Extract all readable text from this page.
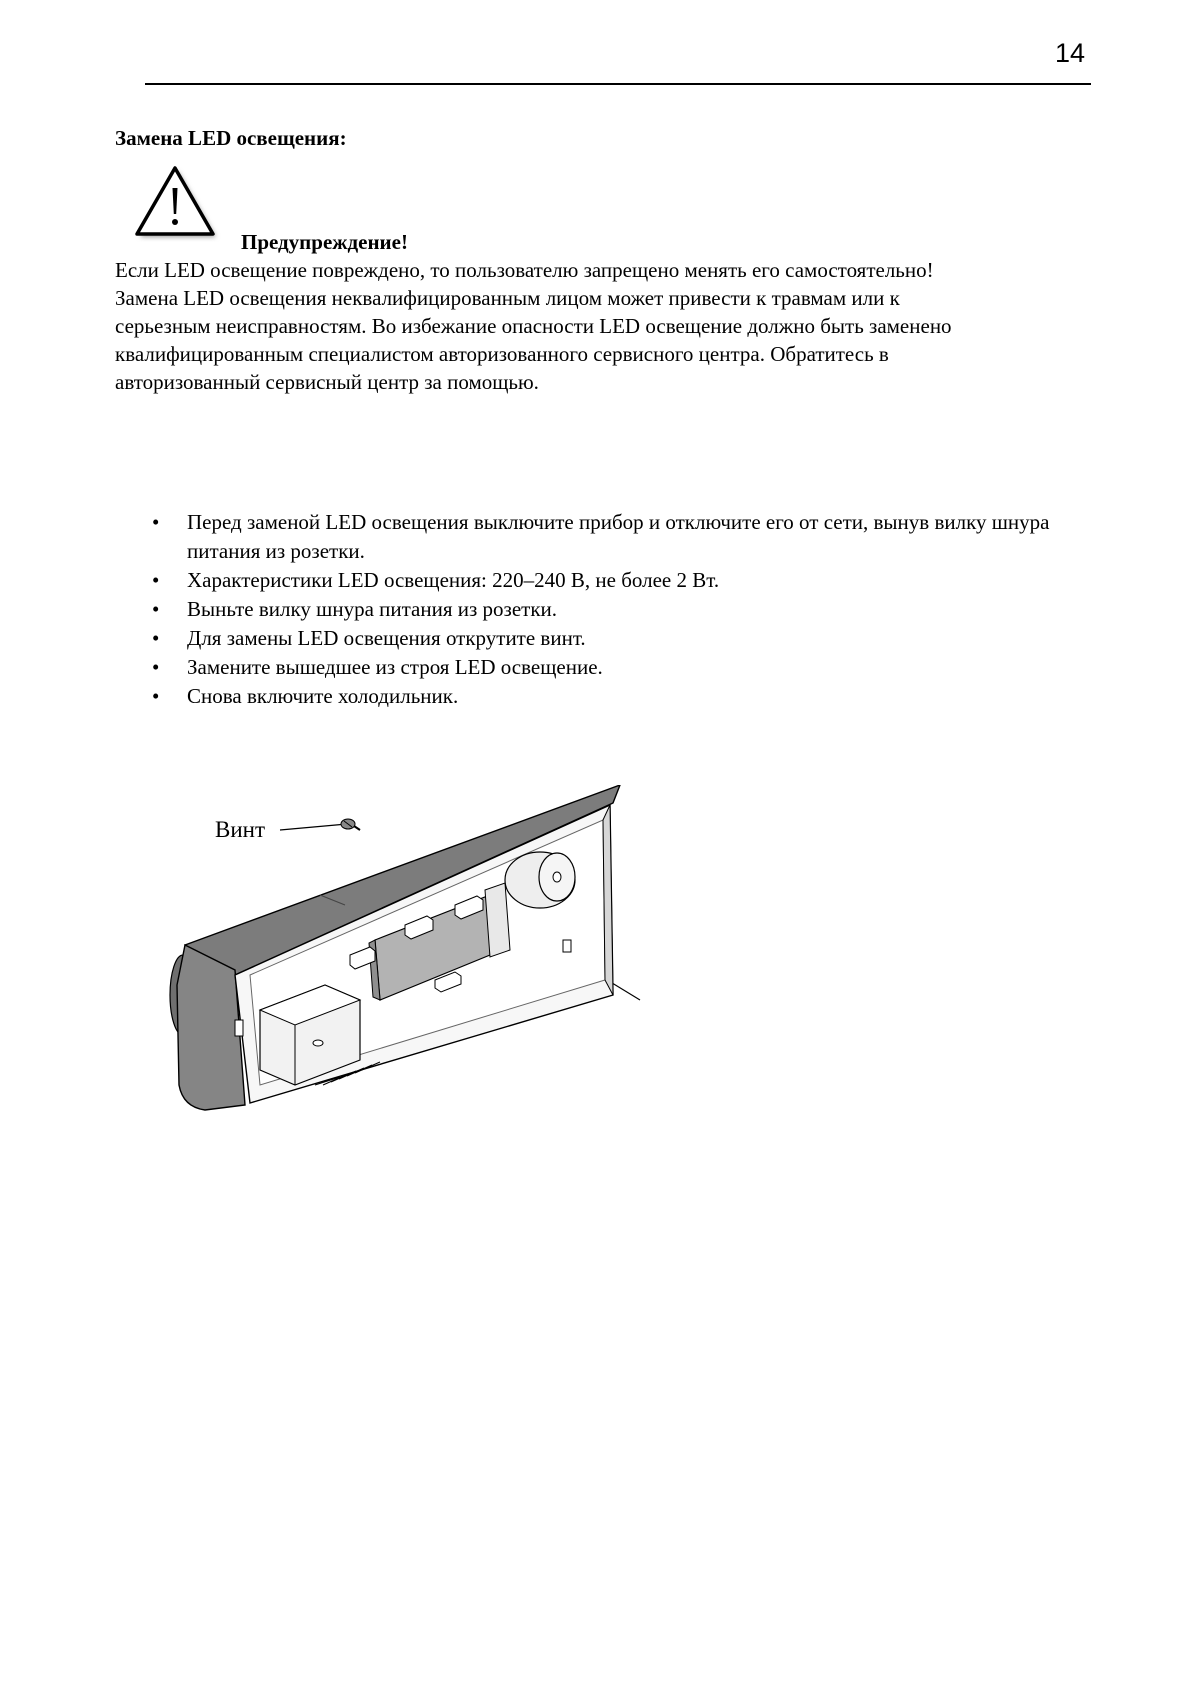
14
Замена LED освещения:
Предупреждение!

Если LED освещение повреждено, то пользователю запрещено менять его самостоятельно!

Замена LED освещения неквалифицированным лицом может привести к травмам или к

серьезным неисправностям. Во избежание опасности LED освещение должно быть заменено

квалифицированным специалистом авторизованного сервисного центра. Обратитесь в

авторизованный сервисный центр за помощью.

• Перед заменой LED освещения выключите прибор и отключите его от сети, вынув вилку шнура питания из розетки.
• Характеристики LED освещения: 220–240 В, не более 2 Вт.
• Выньте вилку шнура питания из розетки.
• Для замены LED освещения открутите винт.
• Замените вышедшее из строя LED освещение.
• Снова включите холодильник.
Винт
